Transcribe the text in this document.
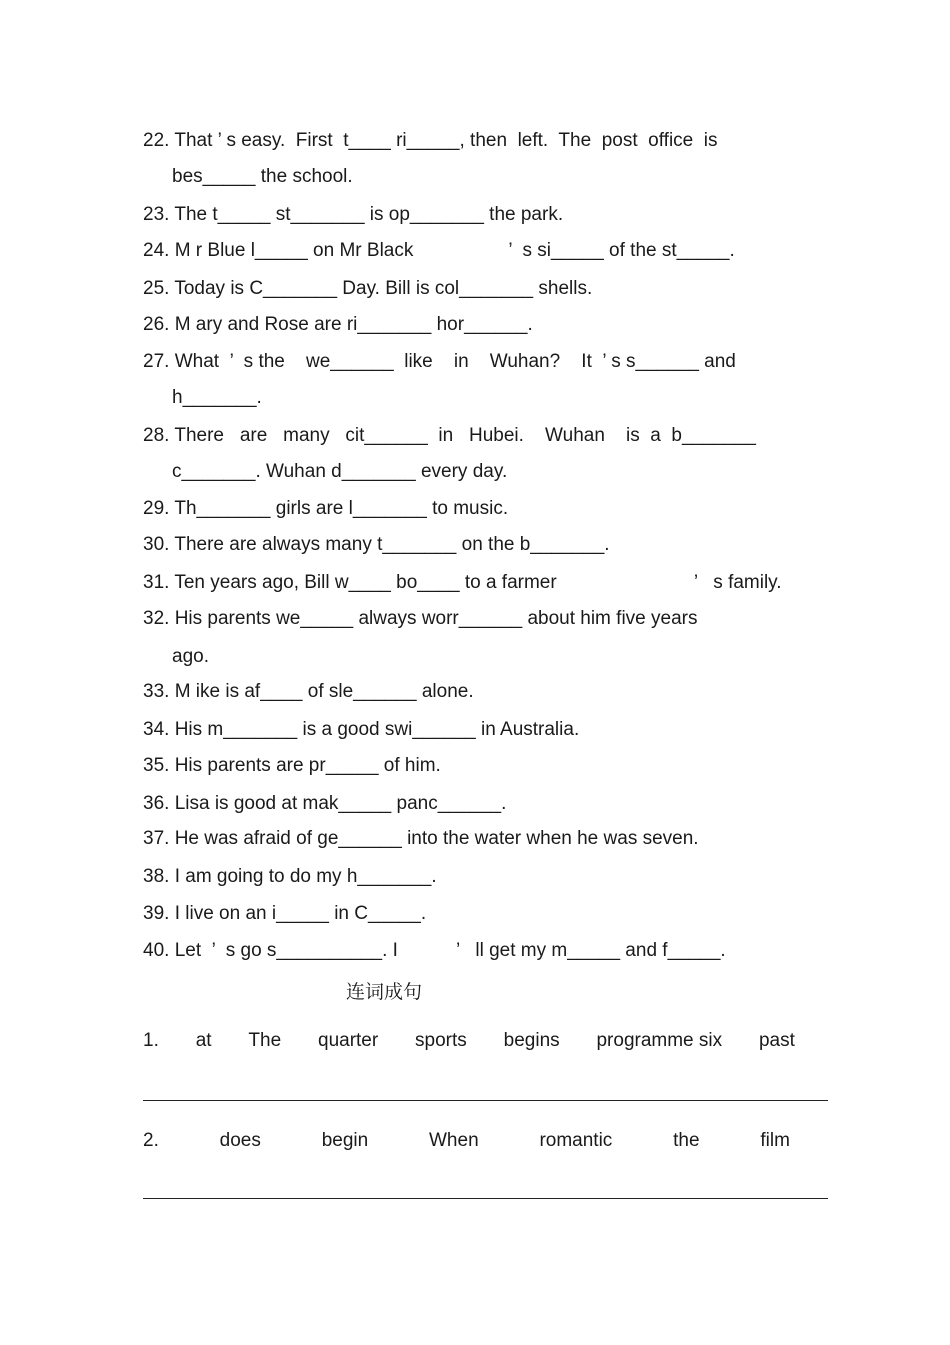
22. That ’ s easy.  First  t____ ri_____, then  left.  The  post  office  is
bes_____ the school.
23. The t_____ st_______ is op_______ the park.
24. M r Blue l_____ on Mr Black                  ’  s si_____ of the st_____.
25. Today is C_______ Day. Bill is col_______ shells.
26. M ary and Rose are ri_______ hor______.
27. What  ’  s the    we______  like    in    Wuhan?    It  ’ s s______ and
h_______.
28. There   are   many   cit______  in   Hubei.    Wuhan    is  a  b_______
c_______. Wuhan d_______ every day.
29. Th_______ girls are l_______ to music.
30. There are always many t_______ on the b_______.
31. Ten years ago, Bill w____ bo____ to a farmer                          ’   s family.
32. His parents we_____ always worr______ about him five years
ago.
33. M ike is af____ of sle______ alone.
34. His m_______ is a good swi______ in Australia.
35. His parents are pr_____ of him.
36. Lisa is good at mak_____ panc______.
37. He was afraid of ge______ into the water when he was seven.
38. I am going to do my h_______.
39. I live on an i_____ in C_____.
40. Let  ’  s go s__________. I           ’   ll get my m_____ and f_____.
连词成句
1. at The quarter sports begins programme six past
2.	does	begin	When	romantic	the	film
